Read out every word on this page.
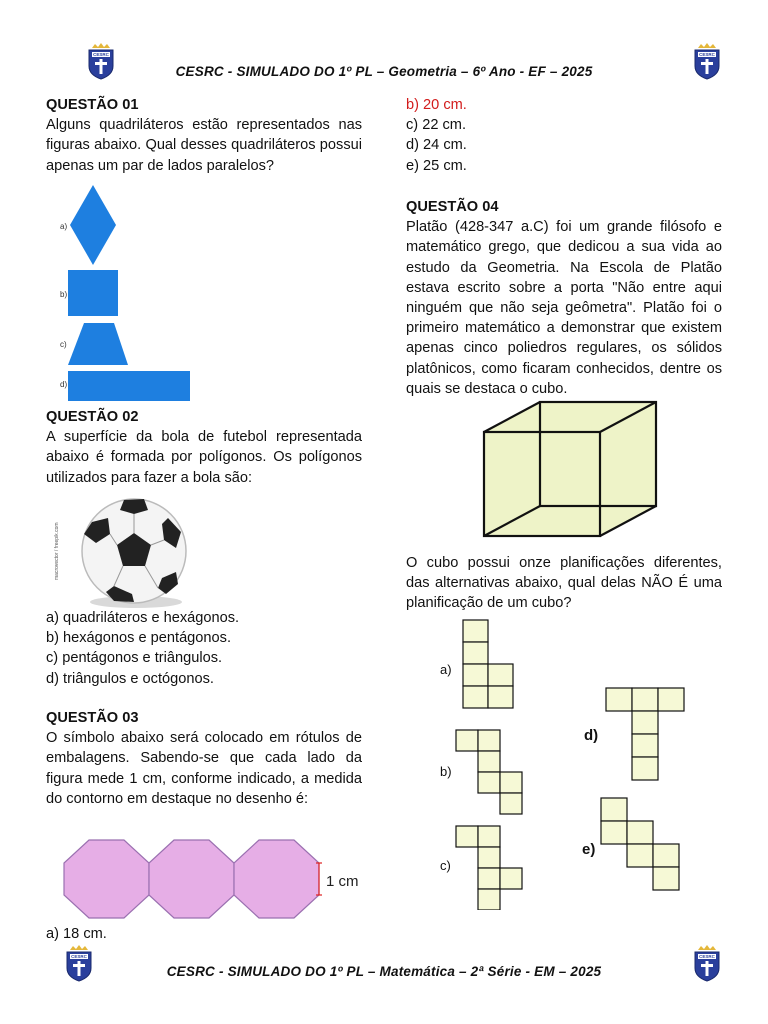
CESRC	CESRC
CESRC	CESRC
CESRC - SIMULADO DO 1º PL – Geometria – 6º Ano - EF – 2025
QUESTÃO 01
Alguns quadriláteros estão representados nas figuras abaixo. Qual desses quadriláteros possui apenas um par de lados paralelos?
a)
b)
c)
d)
QUESTÃO 02
A superfície da bola de futebol representada abaixo é formada por polígonos. Os polígonos utilizados para fazer a bola são:
macrovector / freepik.com
a) quadriláteros e hexágonos.
b) hexágonos e pentágonos.
c) pentágonos e triângulos.
d) triângulos e octógonos.
QUESTÃO 03
O símbolo abaixo será colocado em rótulos de embalagens. Sabendo-se que cada lado da figura mede 1 cm, conforme indicado, a medida do contorno em destaque no desenho é:
1 cm
a) 18 cm.
b) 20 cm.
c) 22 cm.
d) 24 cm.
e) 25 cm.
QUESTÃO 04
Platão (428-347 a.C) foi um grande filósofo e matemático grego, que dedicou a sua vida ao estudo da Geometria. Na Escola de Platão estava escrito sobre a porta "Não entre aqui ninguém que não seja geômetra". Platão foi o primeiro matemático a demonstrar que existem apenas cinco poliedros regulares, os sólidos platônicos, como ficaram conhecidos, dentre os quais se destaca o cubo.
O cubo possui onze planificações diferentes, das alternativas abaixo, qual delas NÃO É uma planificação de um cubo?
a)
b)
c)
d)
e)
CESRC - SIMULADO DO 1º PL – Matemática – 2ª Série - EM – 2025
